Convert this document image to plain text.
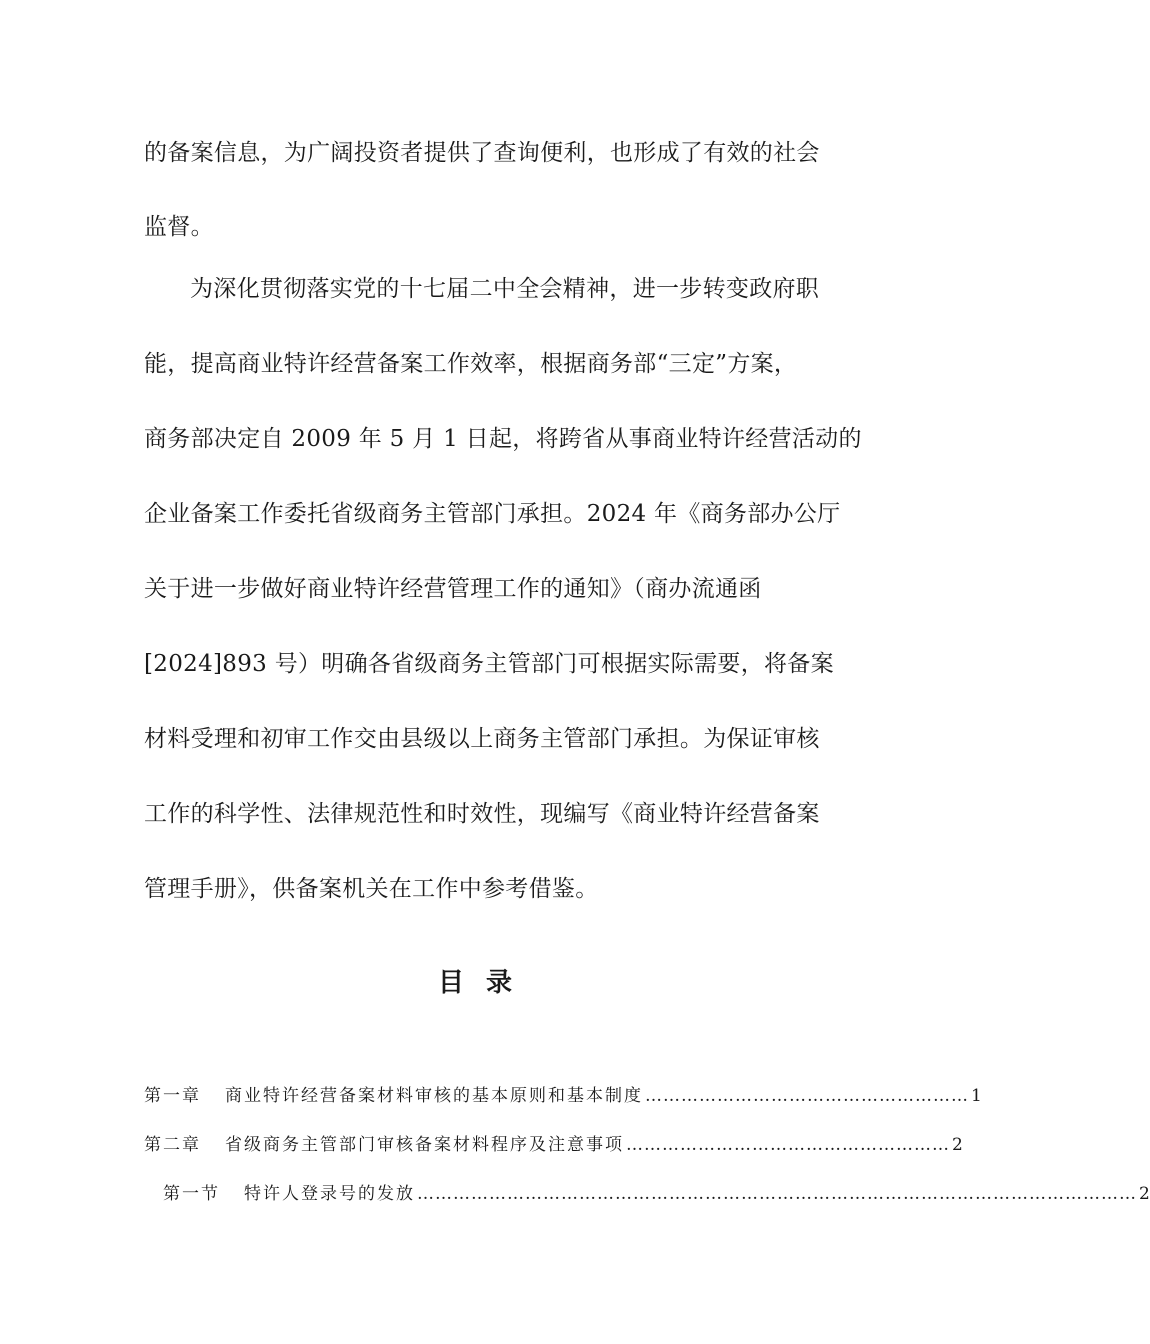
的备案信息，为广阔投资者提供了查询便利，也形成了有效的社会
监督。
为深化贯彻落实党的十七届二中全会精神，进一步转变政府职
能，提高商业特许经营备案工作效率，根据商务部“三定”方案，
商务部决定自 2009 年 5 月 1 日起，将跨省从事商业特许经营活动的
企业备案工作委托省级商务主管部门承担。2024 年《商务部办公厅
关于进一步做好商业特许经营管理工作的通知》（商办流通函
[2024]893 号）明确各省级商务主管部门可根据实际需要，将备案
材料受理和初审工作交由县级以上商务主管部门承担。为保证审核
工作的科学性、法律规范性和时效性，现编写《商业特许经营备案
管理手册》，供备案机关在工作中参考借鉴。
目录
第一章 商业特许经营备案材料审核的基本原则和基本制度 ……………………………………………… 1
第二章 省级商务主管部门审核备案材料程序及注意事项 ……………………………………………… 2
第一节 特许人登录号的发放 ………………………………………………………………………………………………………… 2
